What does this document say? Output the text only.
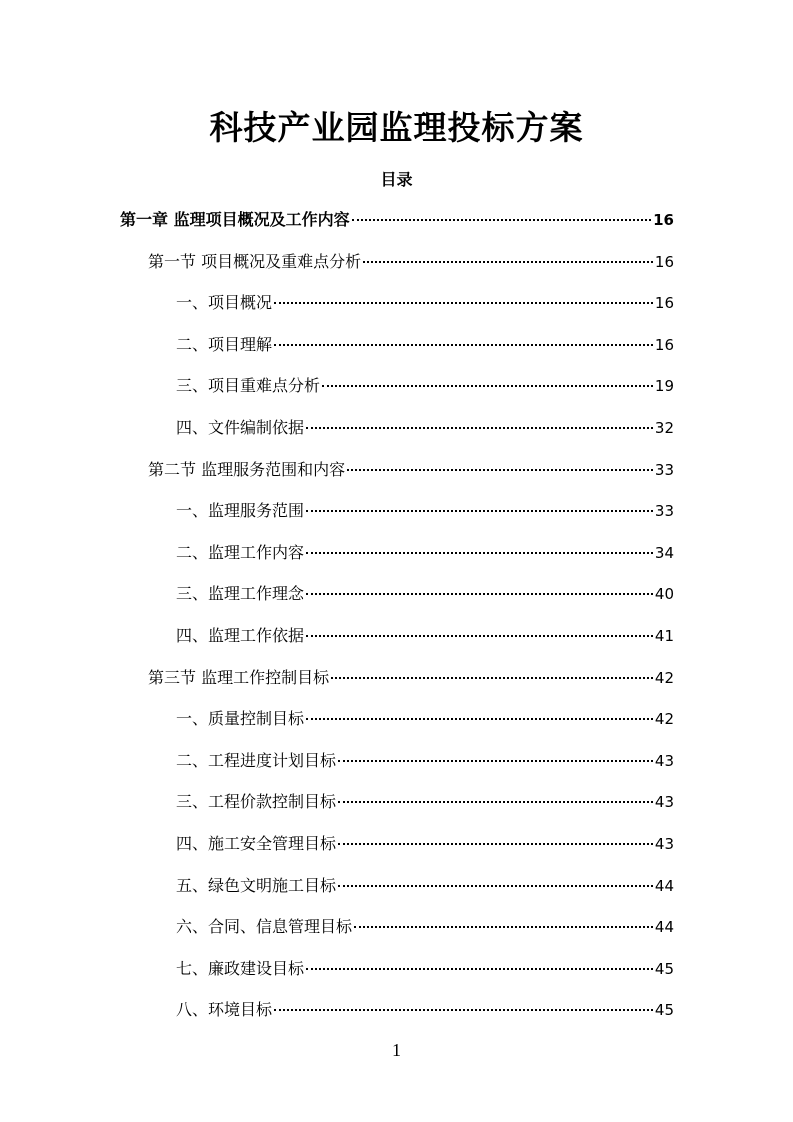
科技产业园监理投标方案
目录
第一章 监理项目概况及工作内容	16
第一节 项目概况及重难点分析	16
一、项目概况	16
二、项目理解	16
三、项目重难点分析	19
四、文件编制依据	32
第二节 监理服务范围和内容	33
一、监理服务范围	33
二、监理工作内容	34
三、监理工作理念	40
四、监理工作依据	41
第三节 监理工作控制目标	42
一、质量控制目标	42
二、工程进度计划目标	43
三、工程价款控制目标	43
四、施工安全管理目标	43
五、绿色文明施工目标	44
六、合同、信息管理目标	44
七、廉政建设目标	45
八、环境目标	45
1
